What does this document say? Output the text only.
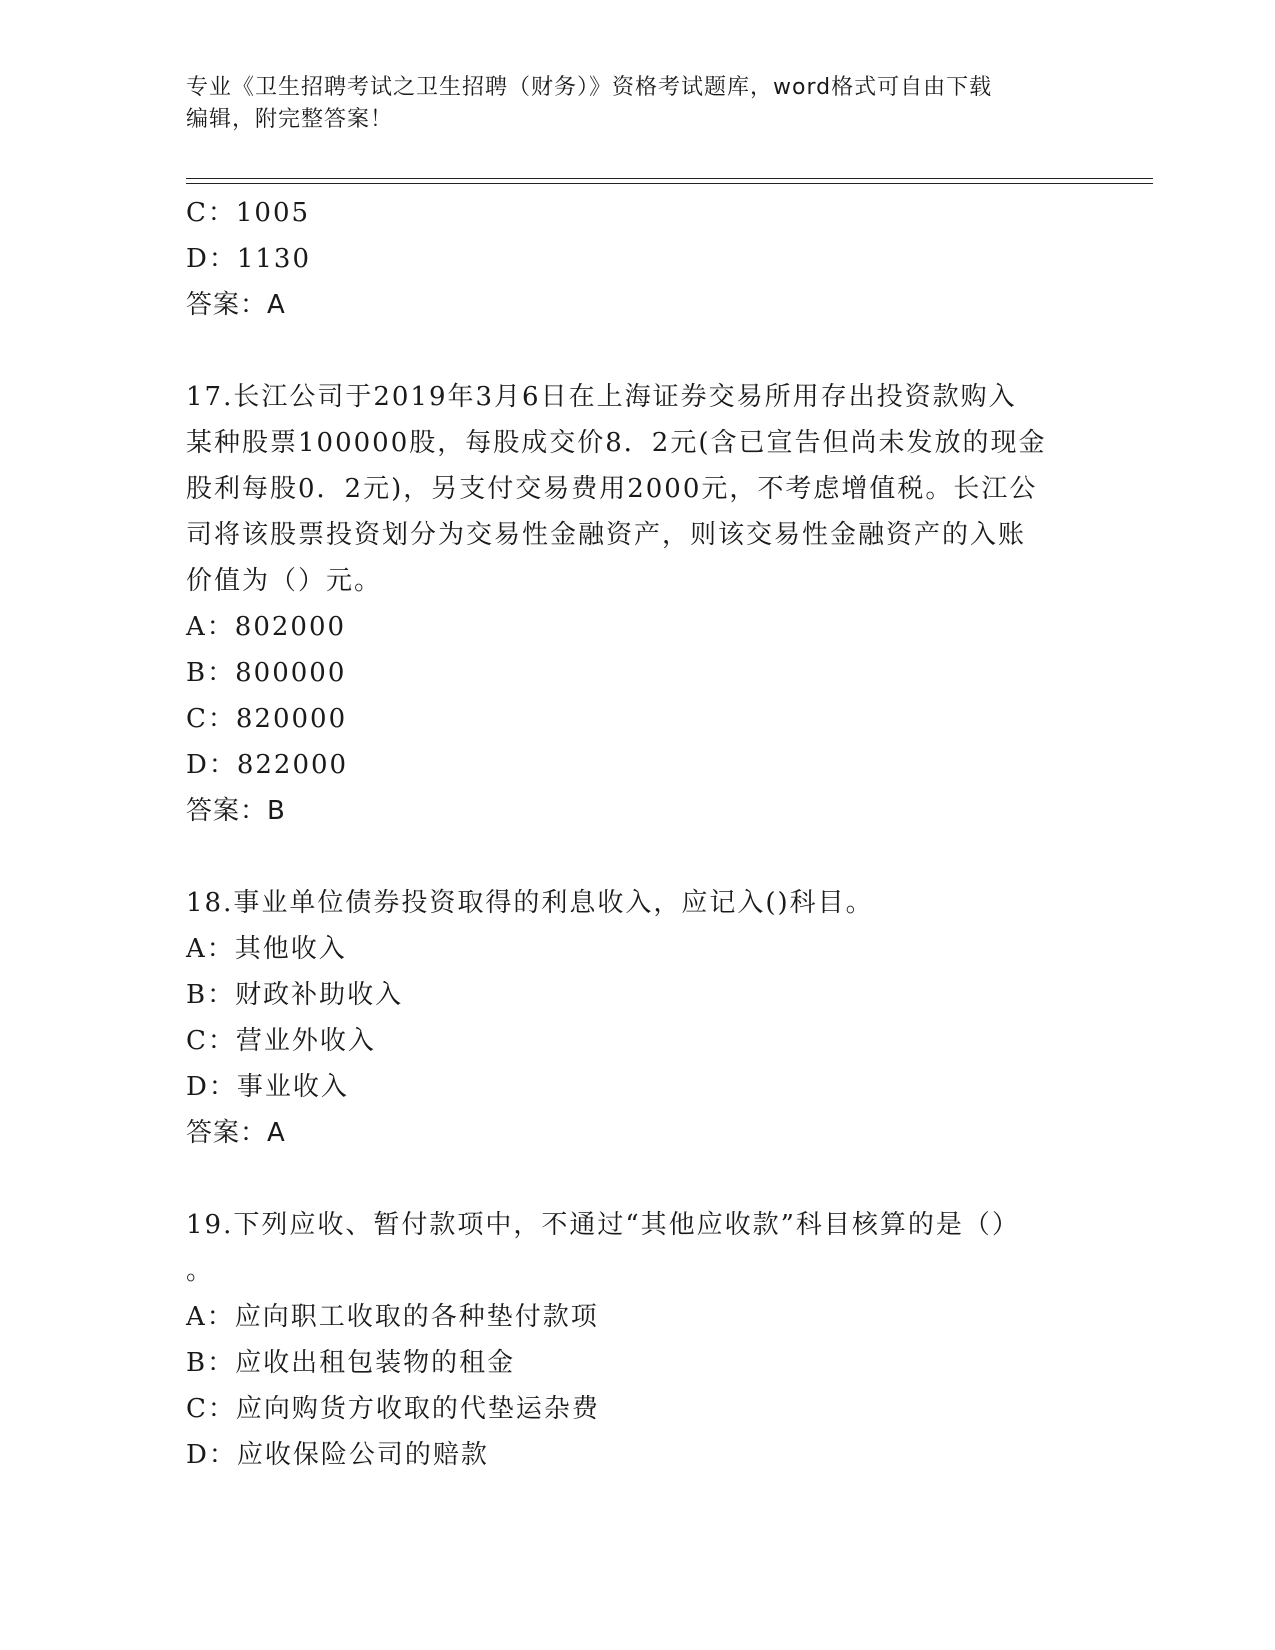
专业《卫生招聘考试之卫生招聘（财务）》资格考试题库，word格式可自由下载
编辑，附完整答案！
C：1005
D：1130
答案：A
17.长江公司于2019年3月6日在上海证券交易所用存出投资款购入
某种股票100000股，每股成交价8．2元(含已宣告但尚未发放的现金
股利每股0．2元)，另支付交易费用2000元，不考虑增值税。长江公
司将该股票投资划分为交易性金融资产，则该交易性金融资产的入账
价值为（）元。
A：802000
B：800000
C：820000
D：822000
答案：B
18.事业单位债券投资取得的利息收入，应记入()科目。
A：其他收入
B：财政补助收入
C：营业外收入
D：事业收入
答案：A
19.下列应收、暂付款项中，不通过“其他应收款”科目核算的是（）
。
A：应向职工收取的各种垫付款项
B：应收出租包装物的租金
C：应向购货方收取的代垫运杂费
D：应收保险公司的赔款
